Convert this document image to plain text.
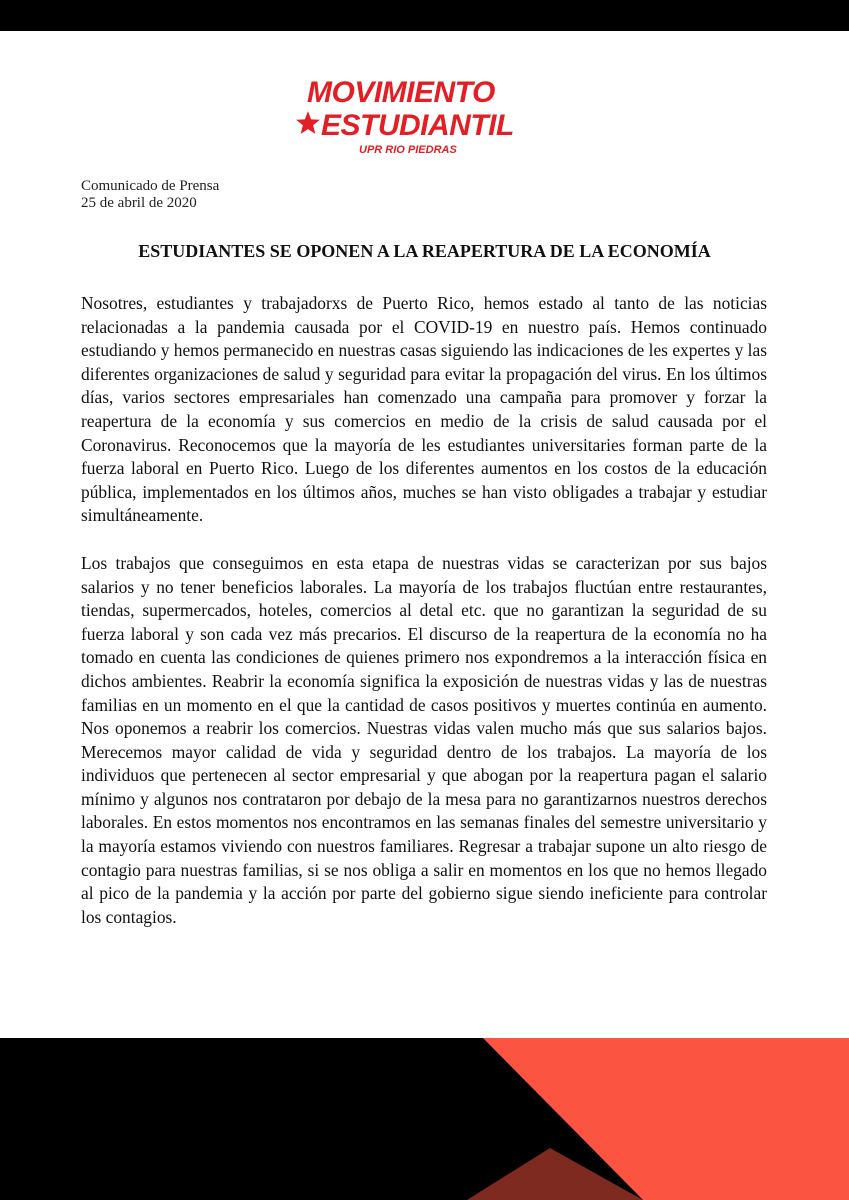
MOVIMIENTO
ESTUDIANTIL
UPR RIO PIEDRAS
Comunicado de Prensa
25 de abril de 2020
ESTUDIANTES SE OPONEN A LA REAPERTURA DE LA ECONOMÍA

Nosotres, estudiantes y trabajadorxs de Puerto Rico, hemos estado al tanto de las noticias relacionadas a la pandemia causada por el COVID-19 en nuestro país. Hemos continuado estudiando y hemos permanecido en nuestras casas siguiendo las indicaciones de les expertes y las diferentes organizaciones de salud y seguridad para evitar la propagación del virus. En los últimos días, varios sectores empresariales han comenzado una campaña para promover y forzar la reapertura de la economía y sus comercios en medio de la crisis de salud causada por el Coronavirus. Reconocemos que la mayoría de les estudiantes universitaries forman parte de la fuerza laboral en Puerto Rico. Luego de los diferentes aumentos en los costos de la educación pública, implementados en los últimos años, muches se han visto obligades a trabajar y estudiar simultáneamente.

Los trabajos que conseguimos en esta etapa de nuestras vidas se caracterizan por sus bajos salarios y no tener beneficios laborales. La mayoría de los trabajos fluctúan entre restaurantes, tiendas, supermercados, hoteles, comercios al detal etc. que no garantizan la seguridad de su fuerza laboral y son cada vez más precarios. El discurso de la reapertura de la economía no ha tomado en cuenta las condiciones de quienes primero nos expondremos a la interacción física en dichos ambientes. Reabrir la economía significa la exposición de nuestras vidas y las de nuestras familias en un momento en el que la cantidad de casos positivos y muertes continúa en aumento. Nos oponemos a reabrir los comercios. Nuestras vidas valen mucho más que sus salarios bajos. Merecemos mayor calidad de vida y seguridad dentro de los trabajos. La mayoría de los individuos que pertenecen al sector empresarial y que abogan por la reapertura pagan el salario mínimo y algunos nos contrataron por debajo de la mesa para no garantizarnos nuestros derechos laborales. En estos momentos nos encontramos en las semanas finales del semestre universitario y la mayoría estamos viviendo con nuestros familiares. Regresar a trabajar supone un alto riesgo de contagio para nuestras familias, si se nos obliga a salir en momentos en los que no hemos llegado al pico de la pandemia y la acción por parte del gobierno sigue siendo ineficiente para controlar los contagios.
